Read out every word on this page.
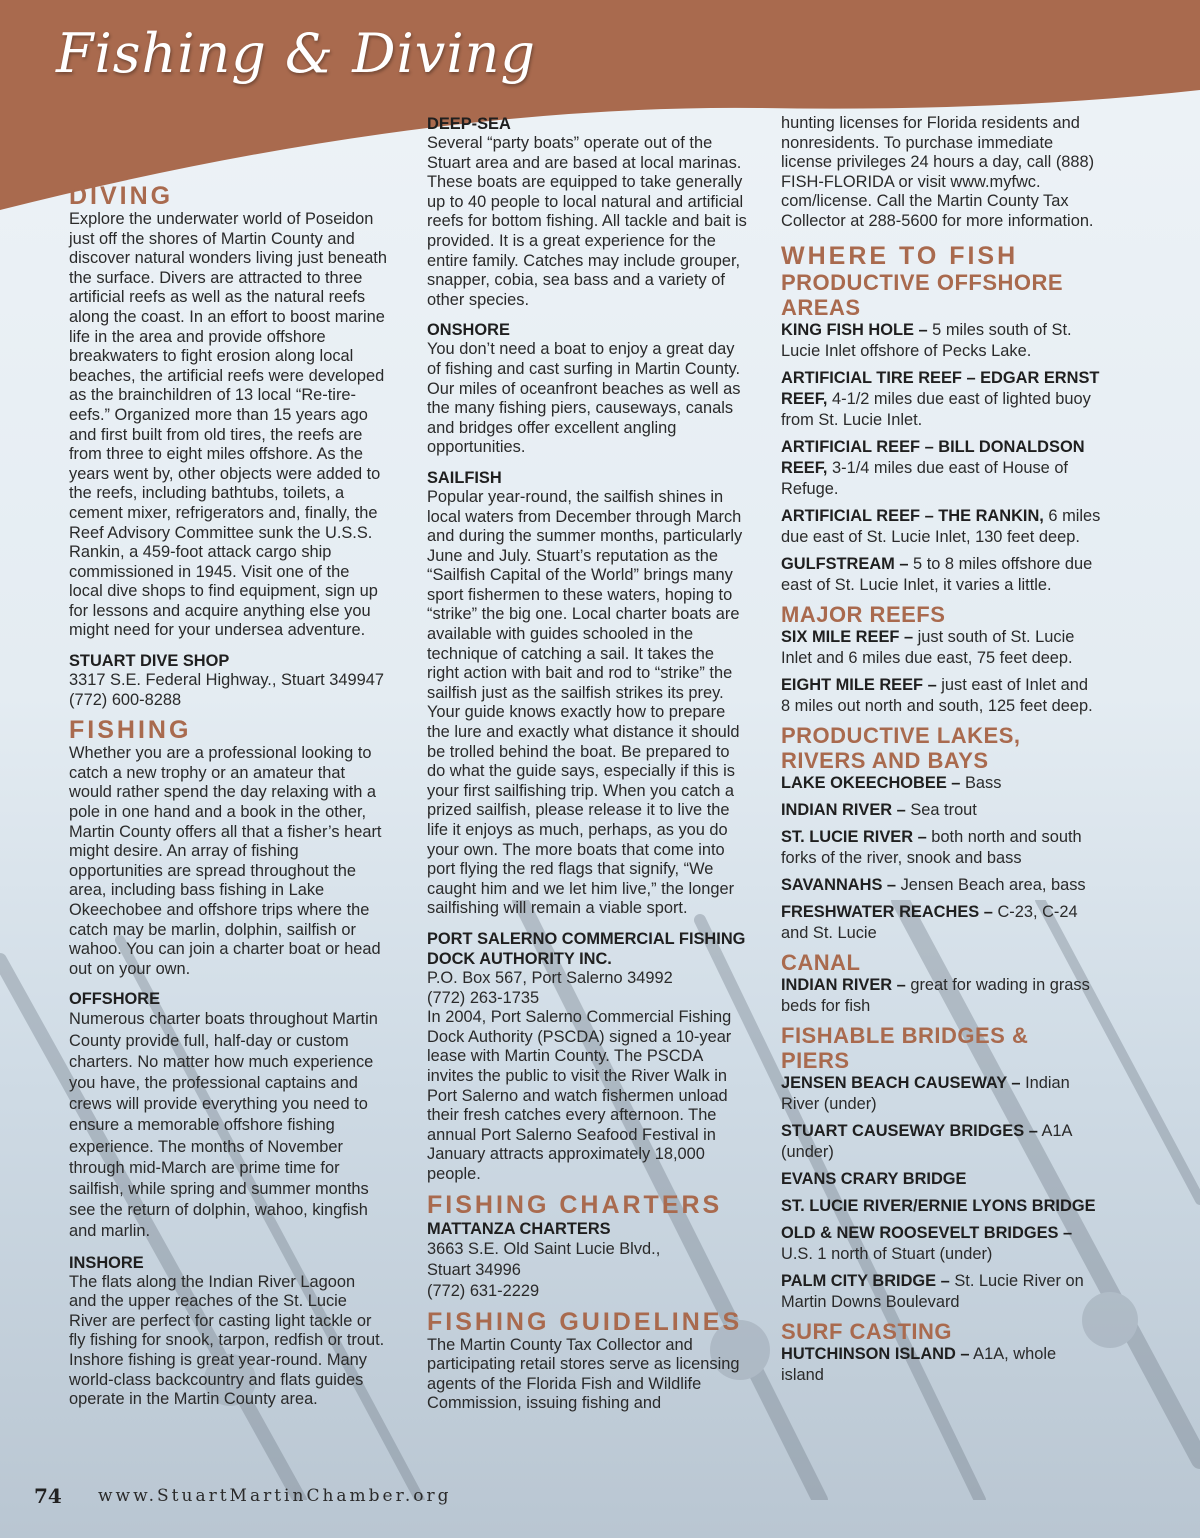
Fishing & Diving
DIVING

Explore the underwater world of Poseidon just off the shores of Martin County and discover natural wonders living just beneath the surface. Divers are attracted to three artificial reefs as well as the natural reefs along the coast. In an effort to boost marine life in the area and provide offshore breakwaters to fight erosion along local beaches, the artificial reefs were developed as the brainchildren of 13 local “Re-tire-eefs.” Organized more than 15 years ago and first built from old tires, the reefs are from three to eight miles offshore. As the years went by, other objects were added to the reefs, including bathtubs, toilets, a cement mixer, refrigerators and, finally, the Reef Advisory Committee sunk the U.S.S. Rankin, a 459-foot attack cargo ship commissioned in 1945. Visit one of the local dive shops to find equipment, sign up for lessons and acquire anything else you might need for your undersea adventure.

STUART DIVE SHOP

3317 S.E. Federal Highway., Stuart 349947

(772) 600-8288

FISHING

Whether you are a professional looking to catch a new trophy or an amateur that would rather spend the day relaxing with a pole in one hand and a book in the other, Martin County offers all that a fisher’s heart might desire. An array of fishing opportunities are spread throughout the area, including bass fishing in Lake Okeechobee and offshore trips where the catch may be marlin, dolphin, sailfish or wahoo. You can join a charter boat or head out on your own.

OFFSHORE

Numerous charter boats throughout Martin County provide full, half-day or custom charters. No matter how much experience you have, the professional captains and crews will provide everything you need to ensure a memorable offshore fishing experience. The months of November through mid-March are prime time for sailfish, while spring and summer months see the return of dolphin, wahoo, kingfish and marlin.

INSHORE

The flats along the Indian River Lagoon and the upper reaches of the St. Lucie River are perfect for casting light tackle or fly fishing for snook, tarpon, redfish or trout. Inshore fishing is great year-round. Many world-class backcountry and flats guides operate in the Martin County area.

DEEP-SEA

Several “party boats” operate out of the Stuart area and are based at local marinas. These boats are equipped to take generally up to 40 people to local natural and artificial reefs for bottom fishing. All tackle and bait is provided. It is a great experience for the entire family. Catches may include grouper, snapper, cobia, sea bass and a variety of other species.

ONSHORE

You don’t need a boat to enjoy a great day of fishing and cast surfing in Martin County. Our miles of oceanfront beaches as well as the many fishing piers, causeways, canals and bridges offer excellent angling opportunities.

SAILFISH

Popular year-round, the sailfish shines in local waters from December through March and during the summer months, particularly June and July. Stuart’s reputation as the “Sailfish Capital of the World” brings many sport fishermen to these waters, hoping to “strike” the big one. Local charter boats are available with guides schooled in the technique of catching a sail. It takes the right action with bait and rod to “strike” the sailfish just as the sailfish strikes its prey. Your guide knows exactly how to prepare the lure and exactly what distance it should be trolled behind the boat. Be prepared to do what the guide says, especially if this is your first sailfishing trip. When you catch a prized sailfish, please release it to live the life it enjoys as much, perhaps, as you do your own. The more boats that come into port flying the red flags that signify, “We caught him and we let him live,” the longer sailfishing will remain a viable sport.

PORT SALERNO COMMERCIAL FISHING DOCK AUTHORITY INC.

P.O. Box 567, Port Salerno 34992

(772) 263-1735

In 2004, Port Salerno Commercial Fishing Dock Authority (PSCDA) signed a 10-year lease with Martin County. The PSCDA invites the public to visit the River Walk in Port Salerno and watch fishermen unload their fresh catches every afternoon. The annual Port Salerno Seafood Festival in January attracts approximately 18,000 people.

FISHING CHARTERS

MATTANZA CHARTERS

3663 S.E. Old Saint Lucie Blvd.,

Stuart 34996

(772) 631-2229

FISHING GUIDELINES

The Martin County Tax Collector and participating retail stores serve as licensing agents of the Florida Fish and Wildlife Commission, issuing fishing and

hunting licenses for Florida residents and nonresidents. To purchase immediate license privileges 24 hours a day, call (888) FISH-FLORIDA or visit www.myfwc. com/license. Call the Martin County Tax Collector at 288-5600 for more information.

WHERE TO FISH
PRODUCTIVE OFFSHORE AREAS

KING FISH HOLE – 5 miles south of St. Lucie Inlet offshore of Pecks Lake.

ARTIFICIAL TIRE REEF – EDGAR ERNST REEF, 4-1/2 miles due east of lighted buoy from St. Lucie Inlet.

ARTIFICIAL REEF – BILL DONALDSON REEF, 3-1/4 miles due east of House of Refuge.

ARTIFICIAL REEF – THE RANKIN, 6 miles due east of St. Lucie Inlet, 130 feet deep.

GULFSTREAM – 5 to 8 miles offshore due east of St. Lucie Inlet, it varies a little.

MAJOR REEFS

SIX MILE REEF – just south of St. Lucie Inlet and 6 miles due east, 75 feet deep.

EIGHT MILE REEF – just east of Inlet and 8 miles out north and south, 125 feet deep.

PRODUCTIVE LAKES, RIVERS AND BAYS

LAKE OKEECHOBEE – Bass

INDIAN RIVER – Sea trout

ST. LUCIE RIVER – both north and south forks of the river, snook and bass

SAVANNAHS – Jensen Beach area, bass

FRESHWATER REACHES – C-23, C-24 and St. Lucie

CANAL

INDIAN RIVER – great for wading in grass beds for fish

FISHABLE BRIDGES & PIERS

JENSEN BEACH CAUSEWAY – Indian River (under)

STUART CAUSEWAY BRIDGES – A1A (under)

EVANS CRARY BRIDGE

ST. LUCIE RIVER/ERNIE LYONS BRIDGE

OLD & NEW ROOSEVELT BRIDGES – U.S. 1 north of Stuart (under)

PALM CITY BRIDGE – St. Lucie River on Martin Downs Boulevard

SURF CASTING

HUTCHINSON ISLAND – A1A, whole island

74 www.StuartMartinChamber.org
